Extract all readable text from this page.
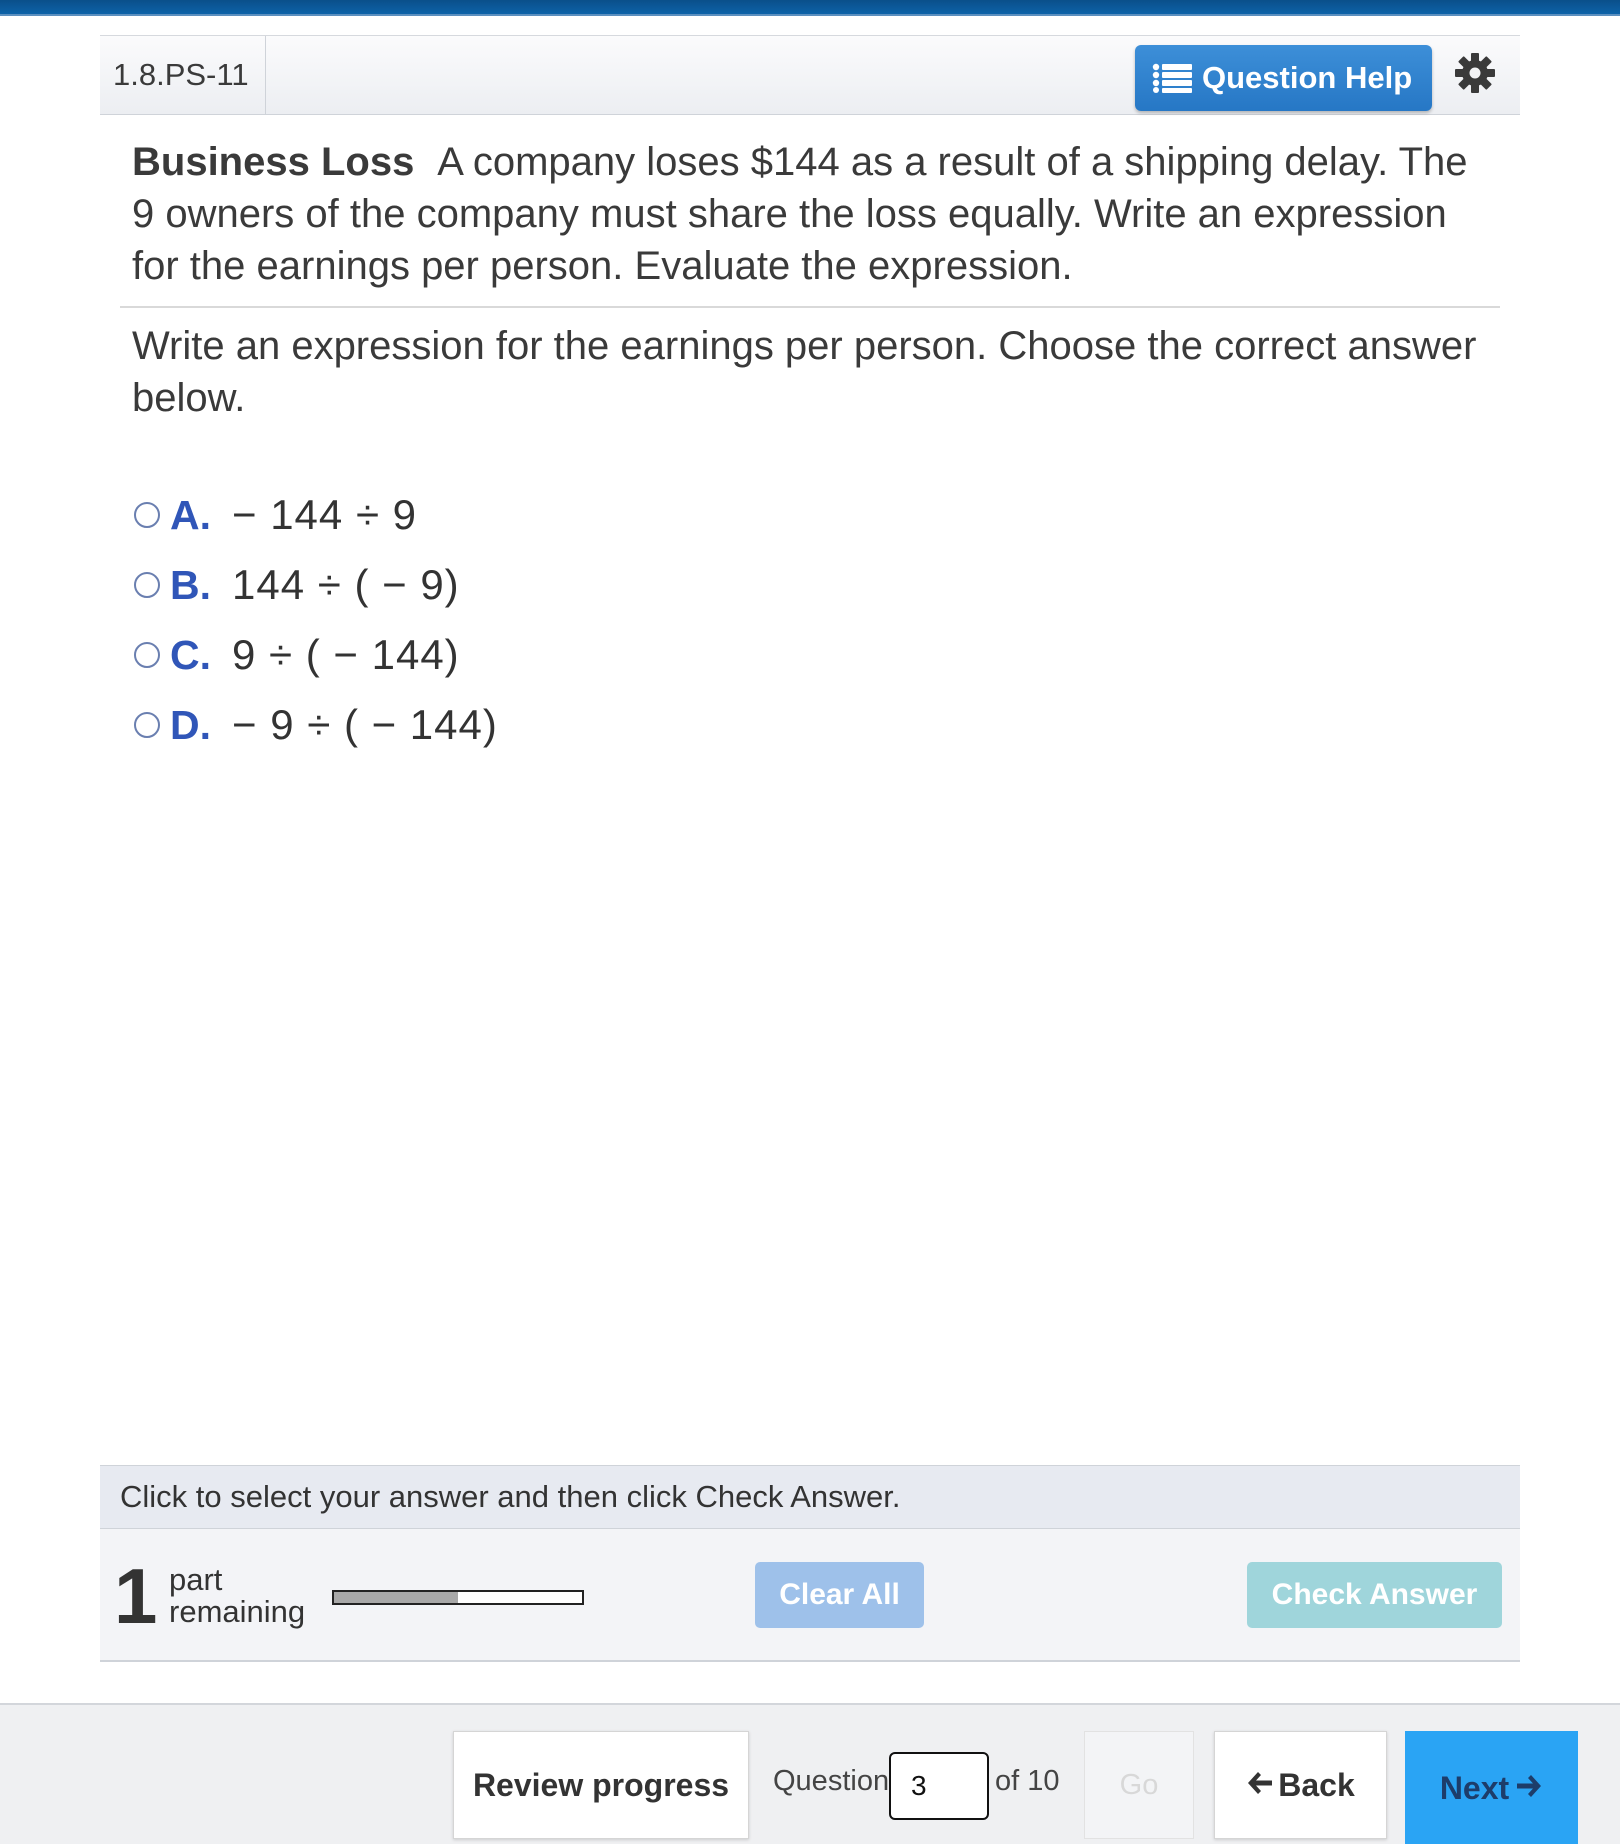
1.8.PS-11	Question Help
Business Loss A company loses $144 as a result of a shipping delay. The 9 owners of the company must share the loss equally. Write an expression for the earnings per person. Evaluate the expression.
Write an expression for the earnings per person. Choose the correct answer below.
A. − 144 ÷ 9
B. 144 ÷ ( − 9)
C. 9 ÷ ( − 144)
D. − 9 ÷ ( − 144)
Click to select your answer and then click Check Answer.
1 part remaining	Clear All	Check Answer
Review progress	Question 3	of 10	Go	Back	Next
